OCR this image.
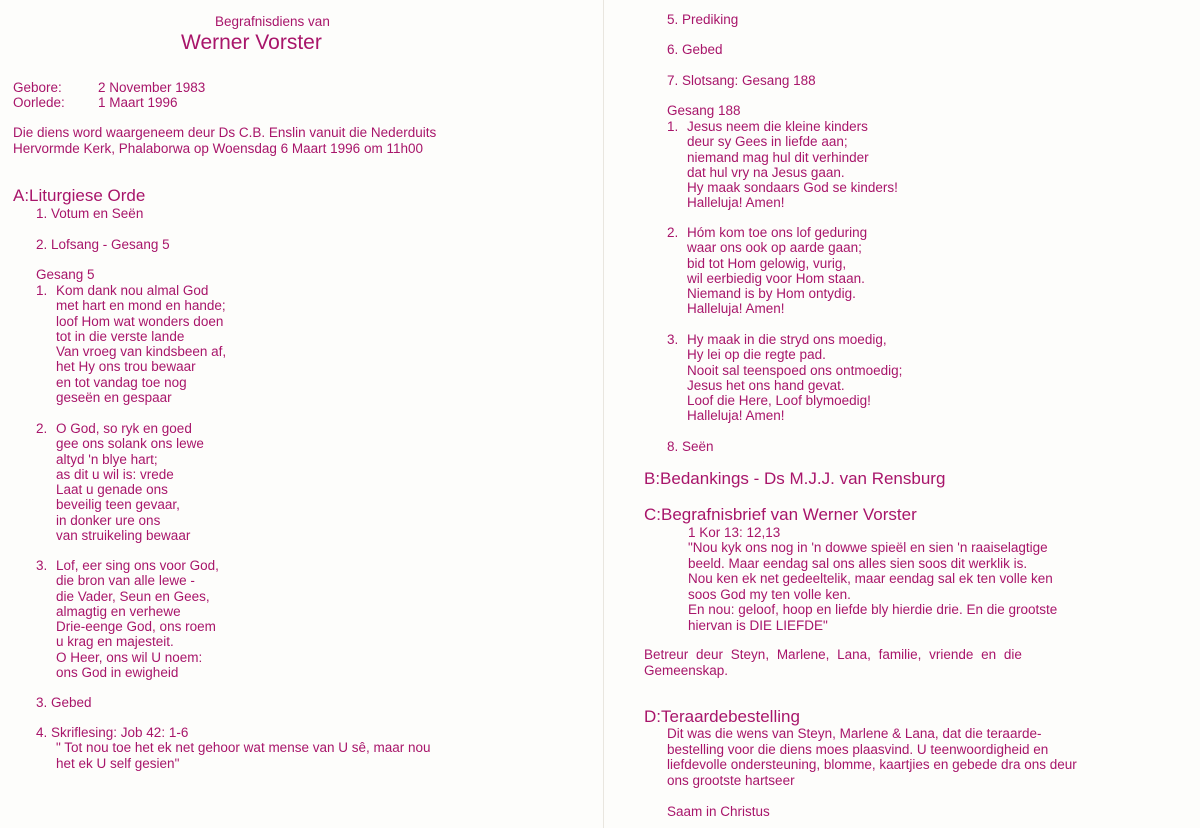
Begrafnisdiens van
Werner Vorster
Gebore:	2 November 1983
Oorlede: 1 Maart 1996
Die diens word waargeneem deur Ds C.B. Enslin vanuit die Nederduits
Hervormde Kerk, Phalaborwa op Woensdag 6 Maart 1996 om 11h00
A:Liturgiese Orde
1. Votum en Seën
2. Lofsang - Gesang 5
Gesang 5
1. Kom dank nou almal God
met hart en mond en hande;
loof Hom wat wonders doen
tot in die verste lande
Van vroeg van kindsbeen af,
het Hy ons trou bewaar
en tot vandag toe nog
geseën en gespaar
2. O God, so ryk en goed
gee ons solank ons lewe
altyd 'n blye hart;
as dit u wil is: vrede
Laat u genade ons
beveilig teen gevaar,
in donker ure ons
van struikeling bewaar
3. Lof, eer sing ons voor God,
die bron van alle lewe -
die Vader, Seun en Gees,
almagtig en verhewe
Drie-eenge God, ons roem
u krag en majesteit.
O Heer, ons wil U noem:
ons God in ewigheid
3. Gebed
4. Skriflesing: Job 42: 1-6
" Tot nou toe het ek net gehoor wat mense van U sê, maar nou
het ek U self gesien"
5. Prediking
6. Gebed
7. Slotsang: Gesang 188
Gesang 188
1. Jesus neem die kleine kinders
deur sy Gees in liefde aan;
niemand mag hul dit verhinder
dat hul vry na Jesus gaan.
Hy maak sondaars God se kinders!
Halleluja! Amen!
2. Hóm kom toe ons lof geduring
waar ons ook op aarde gaan;
bid tot Hom gelowig, vurig,
wil eerbiedig voor Hom staan.
Niemand is by Hom ontydig.
Halleluja! Amen!
3. Hy maak in die stryd ons moedig,
Hy lei op die regte pad.
Nooit sal teenspoed ons ontmoedig;
Jesus het ons hand gevat.
Loof die Here, Loof blymoedig!
Halleluja! Amen!
8. Seën
B:Bedankings - Ds M.J.J. van Rensburg
C:Begrafnisbrief van Werner Vorster
1 Kor 13: 12,13
"Nou kyk ons nog in 'n dowwe spieël en sien 'n raaiselagtige
beeld. Maar eendag sal ons alles sien soos dit werklik is.
Nou ken ek net gedeeltelik, maar eendag sal ek ten volle ken
soos God my ten volle ken.
En nou: geloof, hoop en liefde bly hierdie drie. En die grootste
hiervan is DIE LIEFDE"
Betreur deur Steyn, Marlene, Lana, familie, vriende en die
Gemeenskap.
D:Teraardebestelling
Dit was die wens van Steyn, Marlene & Lana, dat die teraarde-
bestelling voor die diens moes plaasvind. U teenwoordigheid en
liefdevolle ondersteuning, blomme, kaartjies en gebede dra ons deur
ons grootste hartseer
Saam in Christus
